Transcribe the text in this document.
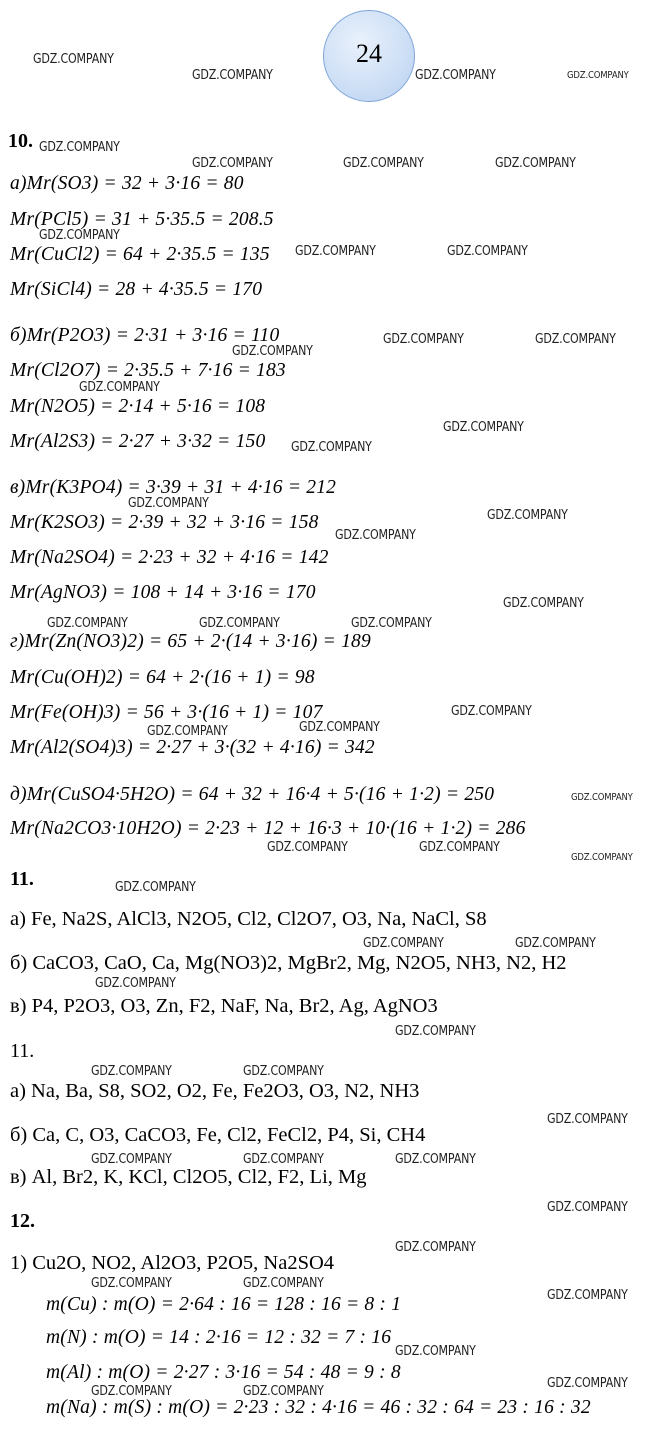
24
GDZ.COMPANY
GDZ.COMPANY	GDZ.COMPANY	GDZ.COMPANY
GDZ.COMPANY
GDZ.COMPANY	GDZ.COMPANY	GDZ.COMPANY
GDZ.COMPANY
GDZ.COMPANY	GDZ.COMPANY
GDZ.COMPANY	GDZ.COMPANY
GDZ.COMPANY
GDZ.COMPANY
GDZ.COMPANY
GDZ.COMPANY
GDZ.COMPANY
GDZ.COMPANY
GDZ.COMPANY
GDZ.COMPANY
GDZ.COMPANY	GDZ.COMPANY	GDZ.COMPANY
GDZ.COMPANY
GDZ.COMPANY
GDZ.COMPANY
GDZ.COMPANY
GDZ.COMPANY	GDZ.COMPANY
GDZ.COMPANY
GDZ.COMPANY
GDZ.COMPANY	GDZ.COMPANY
GDZ.COMPANY
GDZ.COMPANY
GDZ.COMPANY	GDZ.COMPANY
GDZ.COMPANY
GDZ.COMPANY	GDZ.COMPANY	GDZ.COMPANY
GDZ.COMPANY
GDZ.COMPANY
GDZ.COMPANY	GDZ.COMPANY
GDZ.COMPANY
GDZ.COMPANY
GDZ.COMPANY
GDZ.COMPANY	GDZ.COMPANY
10.
а)Mr(SO3) = 32 + 3·16 = 80
Mr(PCl5) = 31 + 5·35.5 = 208.5
Mr(CuCl2) = 64 + 2·35.5 = 135
Mr(SiCl4) = 28 + 4·35.5 = 170
б)Mr(P2O3) = 2·31 + 3·16 = 110
Mr(Cl2O7) = 2·35.5 + 7·16 = 183
Mr(N2O5) = 2·14 + 5·16 = 108
Mr(Al2S3) = 2·27 + 3·32 = 150
в)Mr(K3PO4) = 3·39 + 31 + 4·16 = 212
Mr(K2SO3) = 2·39 + 32 + 3·16 = 158
Mr(Na2SO4) = 2·23 + 32 + 4·16 = 142
Mr(AgNO3) = 108 + 14 + 3·16 = 170
г)Mr(Zn(NO3)2) = 65 + 2·(14 + 3·16) = 189
Mr(Cu(OH)2) = 64 + 2·(16 + 1) = 98
Mr(Fe(OH)3) = 56 + 3·(16 + 1) = 107
Mr(Al2(SO4)3) = 2·27 + 3·(32 + 4·16) = 342
д)Mr(CuSO4·5H2O) = 64 + 32 + 16·4 + 5·(16 + 1·2) = 250
Mr(Na2CO3·10H2O) = 2·23 + 12 + 16·3 + 10·(16 + 1·2) = 286
11.
а) Fe, Na2S, AlCl3, N2O5, Cl2, Cl2O7, O3, Na, NaCl, S8
б) CaCO3, CaO, Ca, Mg(NO3)2, MgBr2, Mg, N2O5, NH3, N2, H2
в) P4, P2O3, O3, Zn, F2, NaF, Na, Br2, Ag, AgNO3
11.
а) Na, Ba, S8, SO2, O2, Fe, Fe2O3, O3, N2, NH3
б) Ca, C, O3, CaCO3, Fe, Cl2, FeCl2, P4, Si, CH4
в) Al, Br2, K, KCl, Cl2O5, Cl2, F2, Li, Mg
12.
1) Cu2O, NO2, Al2O3, P2O5, Na2SO4
m(Cu) : m(O) = 2·64 : 16 = 128 : 16 = 8 : 1
m(N) : m(O) = 14 : 2·16 = 12 : 32 = 7 : 16
m(Al) : m(O) = 2·27 : 3·16 = 54 : 48 = 9 : 8
m(Na) : m(S) : m(O) = 2·23 : 32 : 4·16 = 46 : 32 : 64 = 23 : 16 : 32
